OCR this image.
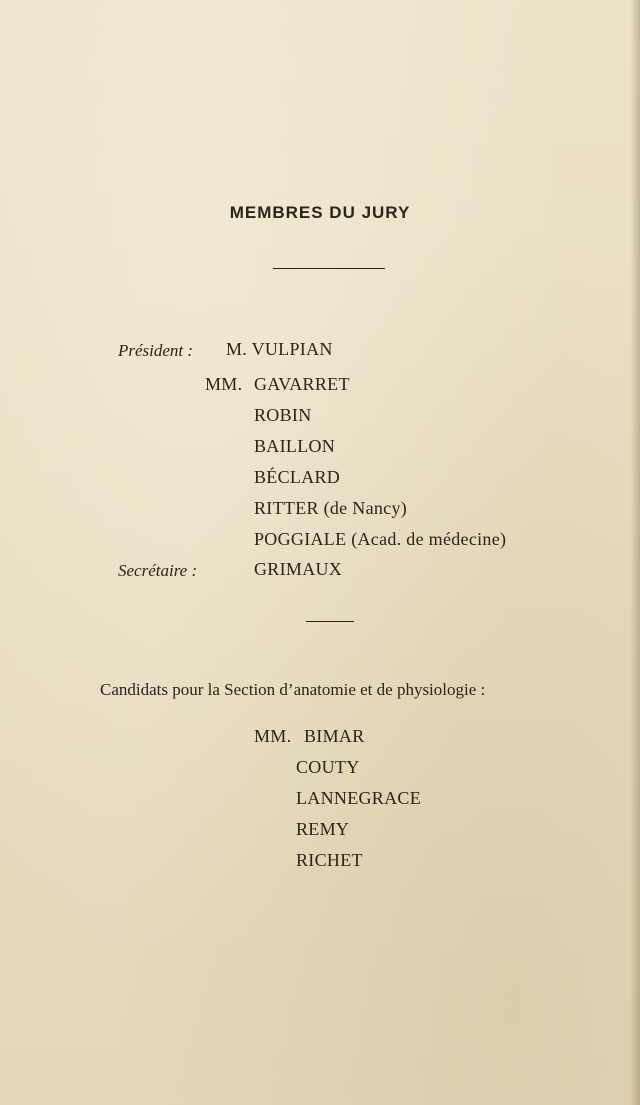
MEMBRES DU JURY
Président : M. VULPIAN
MM. GAVARRET
ROBIN
BAILLON
BÉCLARD
RITTER (de Nancy)
POGGIALE (Acad. de médecine)
Secrétaire :	GRIMAUX
Candidats pour la Section d’anatomie et de physiologie :
MM. BIMAR
COUTY
LANNEGRACE
REMY
RICHET
